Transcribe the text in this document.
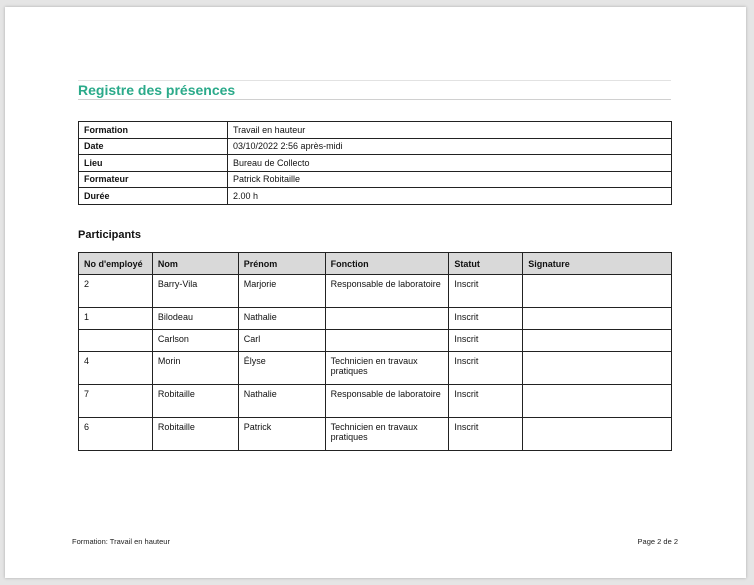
Registre des présences
Formation	Travail en hauteur
Date	03/10/2022 2:56 après-midi
Lieu	Bureau de Collecto
Formateur	Patrick Robitaille
Durée	2.00 h
Participants
No d'employé	Nom	Prénom	Fonction	Statut	Signature
2	Barry-Vila	Marjorie	Responsable de laboratoire	Inscrit	
1	Bilodeau	Nathalie		Inscrit	
	Carlson	Carl		Inscrit	
4	Morin	Élyse	Technicien en travaux pratiques	Inscrit	
7	Robitaille	Nathalie	Responsable de laboratoire	Inscrit	
6	Robitaille	Patrick	Technicien en travaux pratiques	Inscrit	
Formation: Travail en hauteur	Page 2 de 2
